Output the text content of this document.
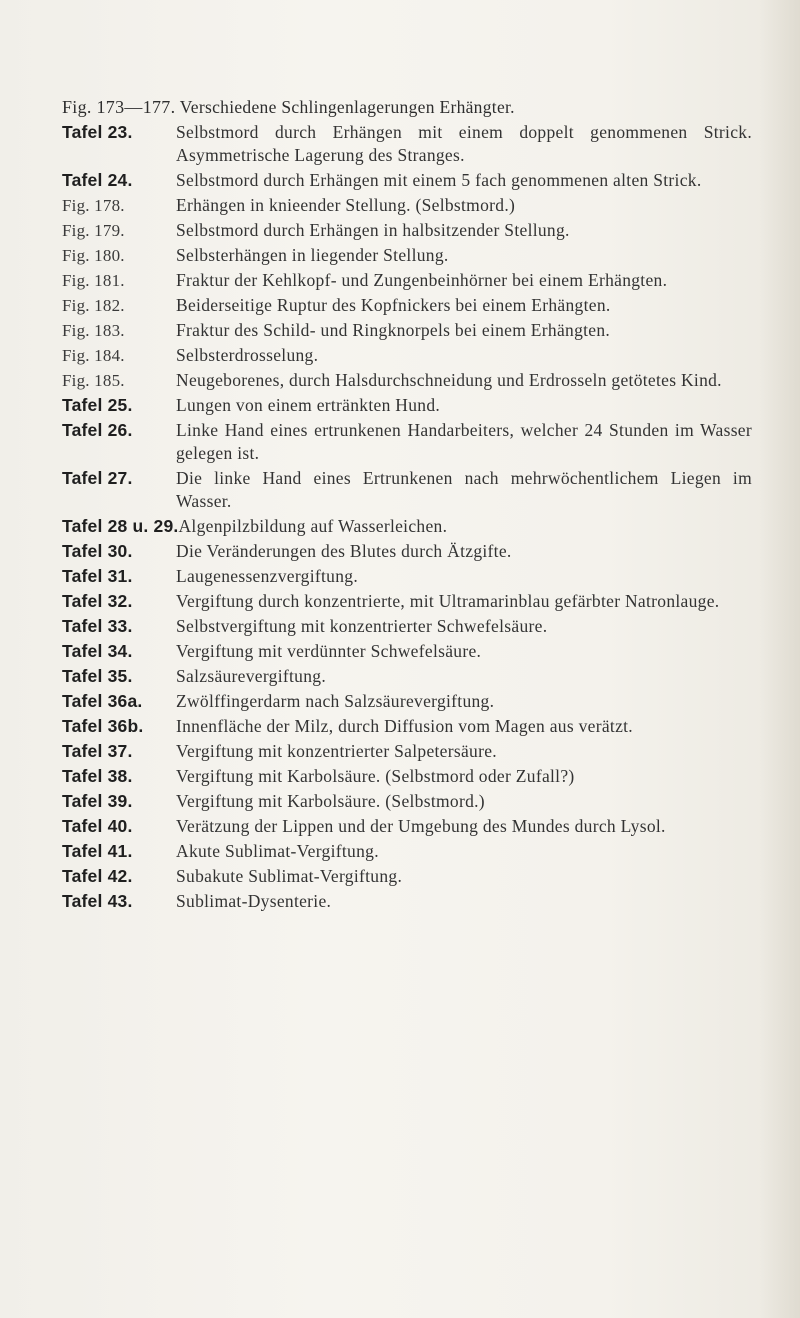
Fig. 173—177. Verschiedene Schlingenlagerungen Erhängter.
Tafel 23.	Selbstmord durch Erhängen mit einem doppelt genommenen Strick. Asymmetrische Lagerung des Stranges.
Tafel 24.	Selbstmord durch Erhängen mit einem 5 fach genommenen alten Strick.
Fig. 178.	Erhängen in knieender Stellung. (Selbstmord.)
Fig. 179.	Selbstmord durch Erhängen in halbsitzender Stellung.
Fig. 180.	Selbsterhängen in liegender Stellung.
Fig. 181.	Fraktur der Kehlkopf- und Zungenbeinhörner bei einem Erhängten.
Fig. 182.	Beiderseitige Ruptur des Kopfnickers bei einem Erhängten.
Fig. 183.	Fraktur des Schild- und Ringknorpels bei einem Erhängten.
Fig. 184.	Selbsterdrosselung.
Fig. 185.	Neugeborenes, durch Halsdurchschneidung und Erdrosseln getötetes Kind.
Tafel 25.	Lungen von einem ertränkten Hund.
Tafel 26.	Linke Hand eines ertrunkenen Handarbeiters, welcher 24 Stunden im Wasser gelegen ist.
Tafel 27.	Die linke Hand eines Ertrunkenen nach mehrwöchentlichem Liegen im Wasser.
Tafel 28 u. 29. Algenpilzbildung auf Wasserleichen.
Tafel 30.	Die Veränderungen des Blutes durch Ätzgifte.
Tafel 31.	Laugenessenzvergiftung.
Tafel 32.	Vergiftung durch konzentrierte, mit Ultramarinblau gefärbter Natronlauge.
Tafel 33.	Selbstvergiftung mit konzentrierter Schwefelsäure.
Tafel 34.	Vergiftung mit verdünnter Schwefelsäure.
Tafel 35.	Salzsäurevergiftung.
Tafel 36a.	Zwölffingerdarm nach Salzsäurevergiftung.
Tafel 36b.	Innenfläche der Milz, durch Diffusion vom Magen aus verätzt.
Tafel 37.	Vergiftung mit konzentrierter Salpetersäure.
Tafel 38.	Vergiftung mit Karbolsäure. (Selbstmord oder Zufall?)
Tafel 39.	Vergiftung mit Karbolsäure. (Selbstmord.)
Tafel 40.	Verätzung der Lippen und der Umgebung des Mundes durch Lysol.
Tafel 41.	Akute Sublimat-Vergiftung.
Tafel 42.	Subakute Sublimat-Vergiftung.
Tafel 43.	Sublimat-Dysenterie.
